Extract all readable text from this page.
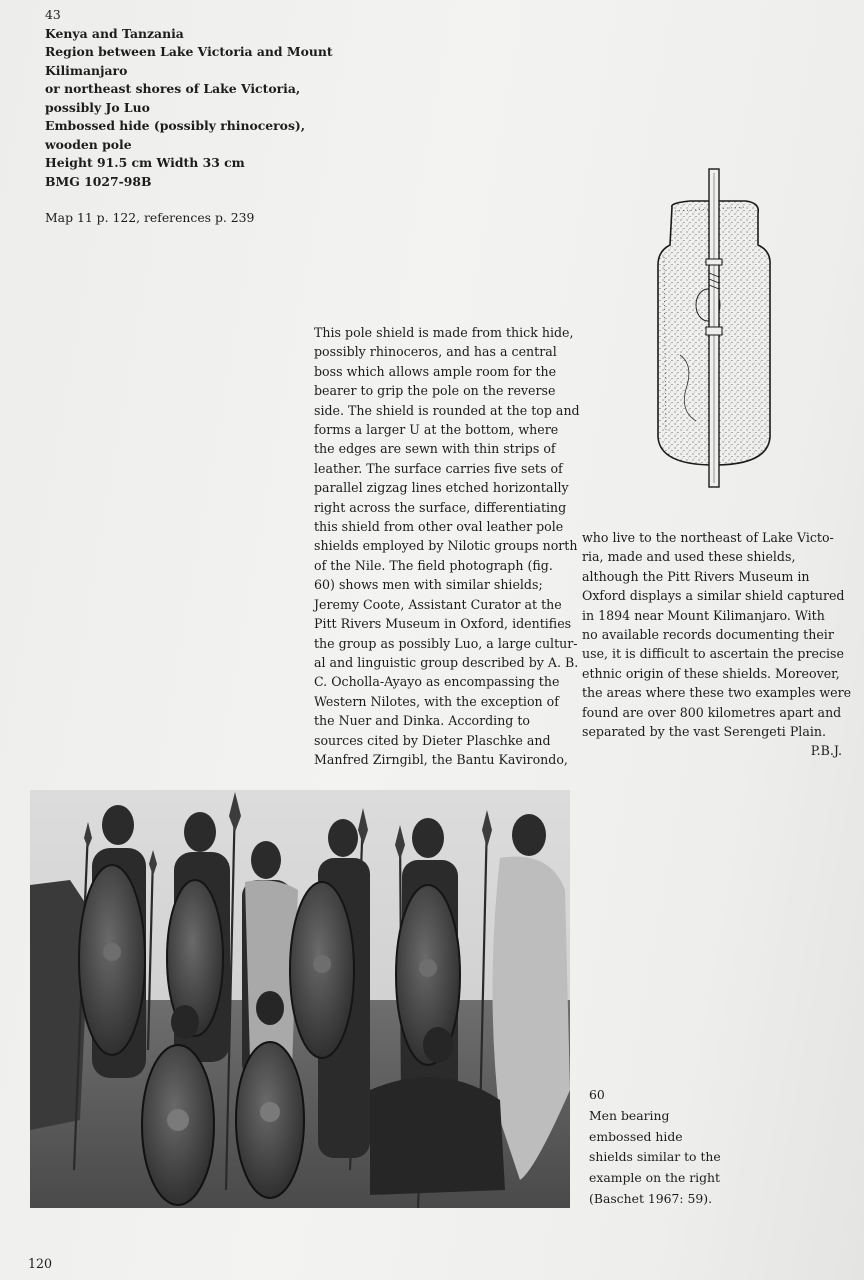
43
Kenya and Tanzania
Region between Lake Victoria and Mount
Kilimanjaro
or northeast shores of Lake Victoria,
possibly Jo Luo
Embossed hide (possibly rhinoceros),
wooden pole
Height 91.5 cm Width 33 cm
BMG 1027-98B
Map 11 p. 122, references p. 239
This pole shield is made from thick hide,
possibly rhinoceros, and has a central
boss which allows ample room for the
bearer to grip the pole on the reverse
side. The shield is rounded at the top and
forms a larger U at the bottom, where
the edges are sewn with thin strips of
leather. The surface carries five sets of
parallel zigzag lines etched horizontally
right across the surface, differentiating
this shield from other oval leather pole
shields employed by Nilotic groups north
of the Nile. The field photograph (fig.
60) shows men with similar shields;
Jeremy Coote, Assistant Curator at the
Pitt Rivers Museum in Oxford, identifies
the group as possibly Luo, a large cultur-
al and linguistic group described by A. B.
C. Ocholla-Ayayo as encompassing the
Western Nilotes, with the exception of
the Nuer and Dinka. According to
sources cited by Dieter Plaschke and
Manfred Zirngibl, the Bantu Kavirondo,
who live to the northeast of Lake Victo-
ria, made and used these shields,
although the Pitt Rivers Museum in
Oxford displays a similar shield captured
in 1894 near Mount Kilimanjaro. With
no available records documenting their
use, it is difficult to ascertain the precise
ethnic origin of these shields. Moreover,
the areas where these two examples were
found are over 800 kilometres apart and
separated by the vast Serengeti Plain.
P.B.J.
60
Men bearing
embossed hide
shields similar to the
example on the right
(Baschet 1967: 59).
120
